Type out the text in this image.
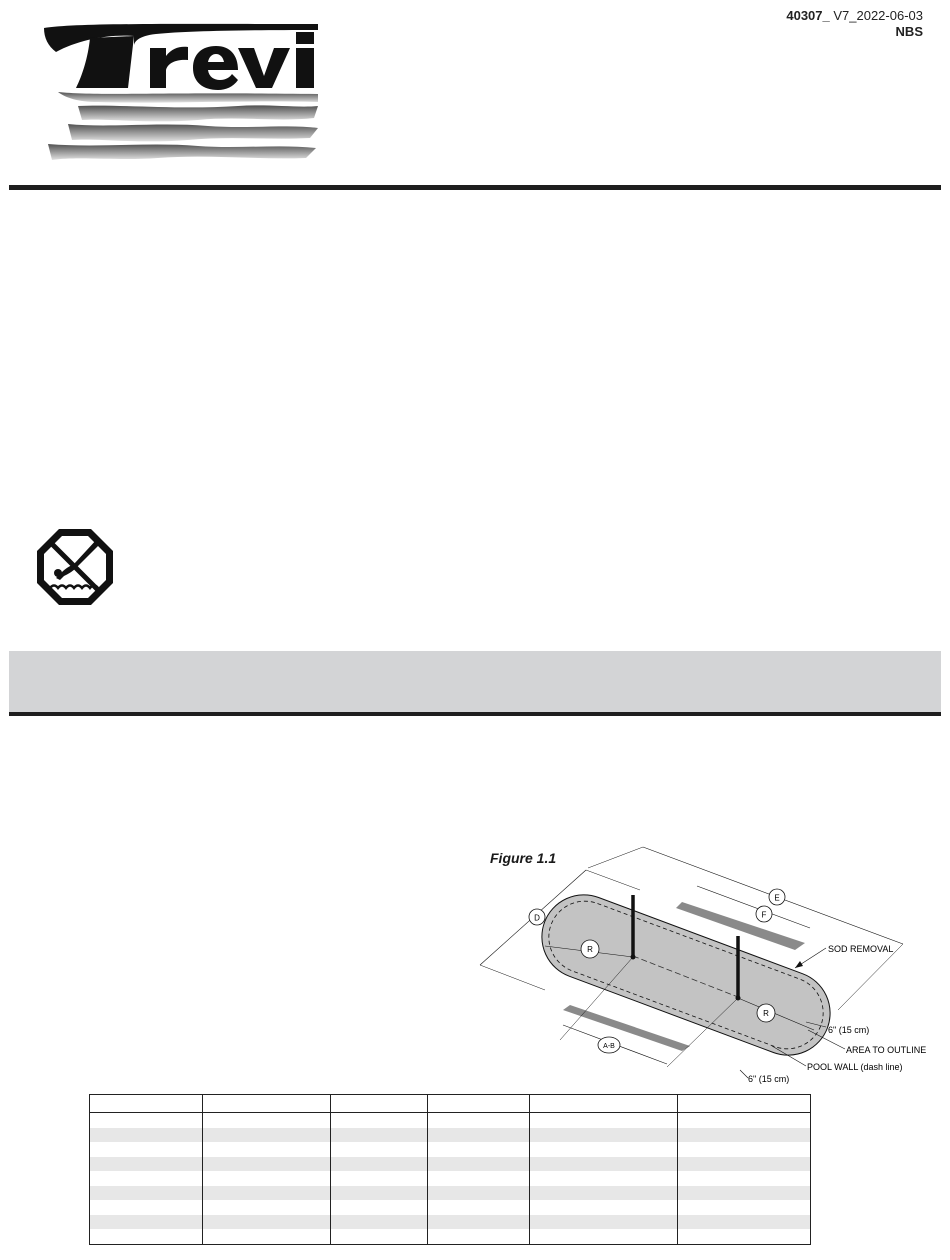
40307_ V7_2022-06-03
NBS
Figure 1.1
E
F
D
R
R
A-B
SOD REMOVAL
6" (15 cm)
AREA TO OUTLINE
POOL WALL (dash line)
6" (15 cm)
